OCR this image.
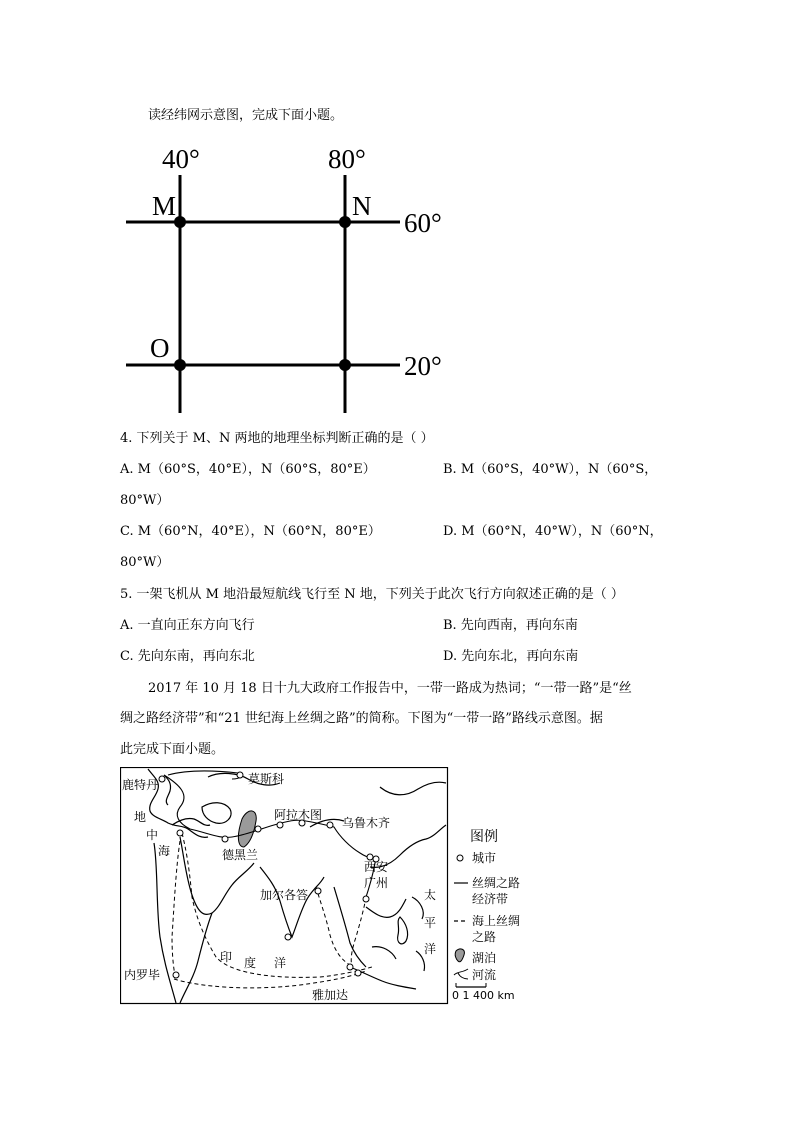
读经纬网示意图，完成下面小题。
40°	80°
60°
20°
M	N
O
4. 下列关于 M、N 两地的地理坐标判断正确的是（ ）
A. M（60°S，40°E），N（60°S，80°E）	B. M（60°S，40°W），N（60°S，
80°W）
C. M（60°N，40°E），N（60°N，80°E）	D. M（60°N，40°W），N（60°N，
80°W）
5. 一架飞机从 M 地沿最短航线飞行至 N 地，下列关于此次飞行方向叙述正确的是（ ）
A. 一直向正东方向飞行	B. 先向西南，再向东南
C. 先向东南，再向东北	D. 先向东北，再向东南
2017 年 10 月 18 日十九大政府工作报告中，一带一路成为热词；“一带一路”是“丝
绸之路经济带”和“21 世纪海上丝绸之路”的简称。下图为“一带一路”路线示意图。据
此完成下面小题。
鹿特丹	莫斯科
阿拉木图
乌鲁木齐
德黑兰
西安
广州
加尔各答
内罗毕
雅加达
地
中
海
印 度 洋
太
平
洋
图例
城市
丝绸之路
经济带
海上丝绸
之路
湖泊
河流
0 1 400 km
